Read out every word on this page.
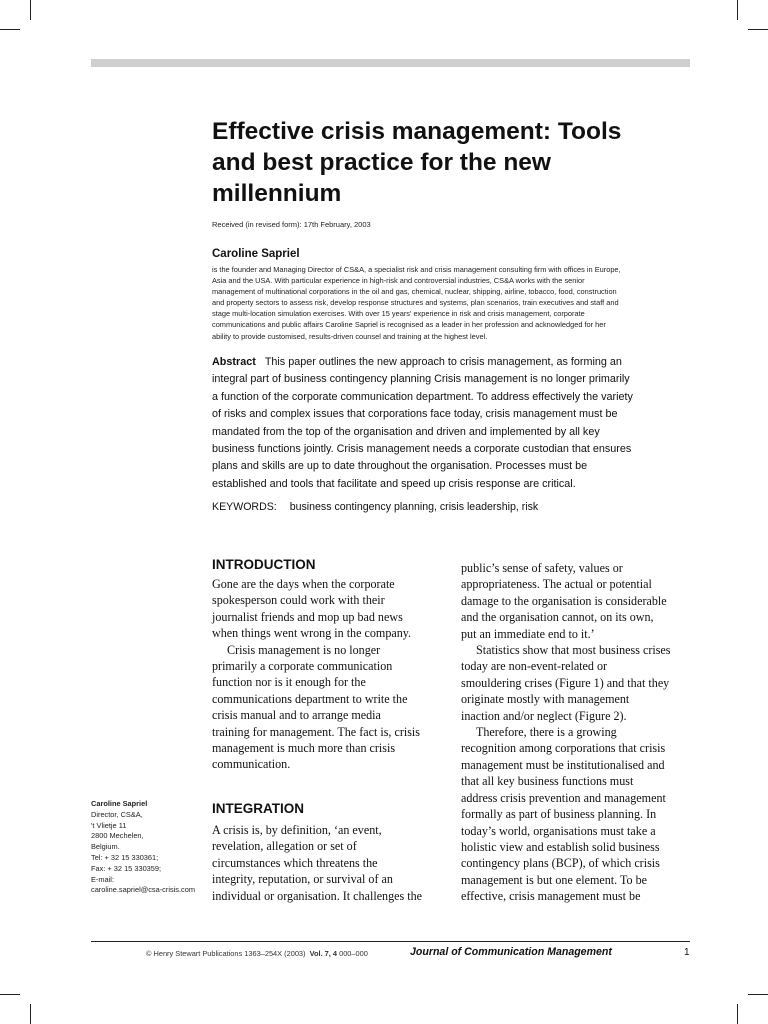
Effective crisis management: Tools
and best practice for the new
millennium
Received (in revised form): 17th February, 2003
Caroline Sapriel
is the founder and Managing Director of CS&A, a specialist risk and crisis management consulting firm with offices in Europe,
Asia and the USA. With particular experience in high-risk and controversial industries, CS&A works with the senior
management of multinational corporations in the oil and gas, chemical, nuclear, shipping, airline, tobacco, food, construction
and property sectors to assess risk, develop response structures and systems, plan scenarios, train executives and staff and
stage multi-location simulation exercises. With over 15 years' experience in risk and crisis management, corporate
communications and public affairs Caroline Sapriel is recognised as a leader in her profession and acknowledged for her
ability to provide customised, results-driven counsel and training at the highest level.
Abstract This paper outlines the new approach to crisis management, as forming an
integral part of business contingency planning Crisis management is no longer primarily
a function of the corporate communication department. To address effectively the variety
of risks and complex issues that corporations face today, crisis management must be
mandated from the top of the organisation and driven and implemented by all key
business functions jointly. Crisis management needs a corporate custodian that ensures
plans and skills are up to date throughout the organisation. Processes must be
established and tools that facilitate and speed up crisis response are critical.
KEYWORDS: business contingency planning, crisis leadership, risk
INTRODUCTION
Gone are the days when the corporate
spokesperson could work with their
journalist friends and mop up bad news
when things went wrong in the company.
Crisis management is no longer
primarily a corporate communication
function nor is it enough for the
communications department to write the
crisis manual and to arrange media
training for management. The fact is, crisis
management is much more than crisis
communication.
INTEGRATION
A crisis is, by definition, ‘an event,
revelation, allegation or set of
circumstances which threatens the
integrity, reputation, or survival of an
individual or organisation. It challenges the
public’s sense of safety, values or
appropriateness. The actual or potential
damage to the organisation is considerable
and the organisation cannot, on its own,
put an immediate end to it.’
Statistics show that most business crises
today are non-event-related or
smouldering crises (Figure 1) and that they
originate mostly with management
inaction and/or neglect (Figure 2).
Therefore, there is a growing
recognition among corporations that crisis
management must be institutionalised and
that all key business functions must
address crisis prevention and management
formally as part of business planning. In
today’s world, organisations must take a
holistic view and establish solid business
contingency plans (BCP), of which crisis
management is but one element. To be
effective, crisis management must be
Caroline Sapriel
Director, CS&A,
't Vlietje 11
2800 Mechelen,
Belgium.
Tel: + 32 15 330361;
Fax: + 32 15 330359;
E-mail:
caroline.sapriel@csa-crisis.com
© Henry Stewart Publications 1363–254X (2003) Vol. 7, 4 000–000	Journal of Communication Management	1
